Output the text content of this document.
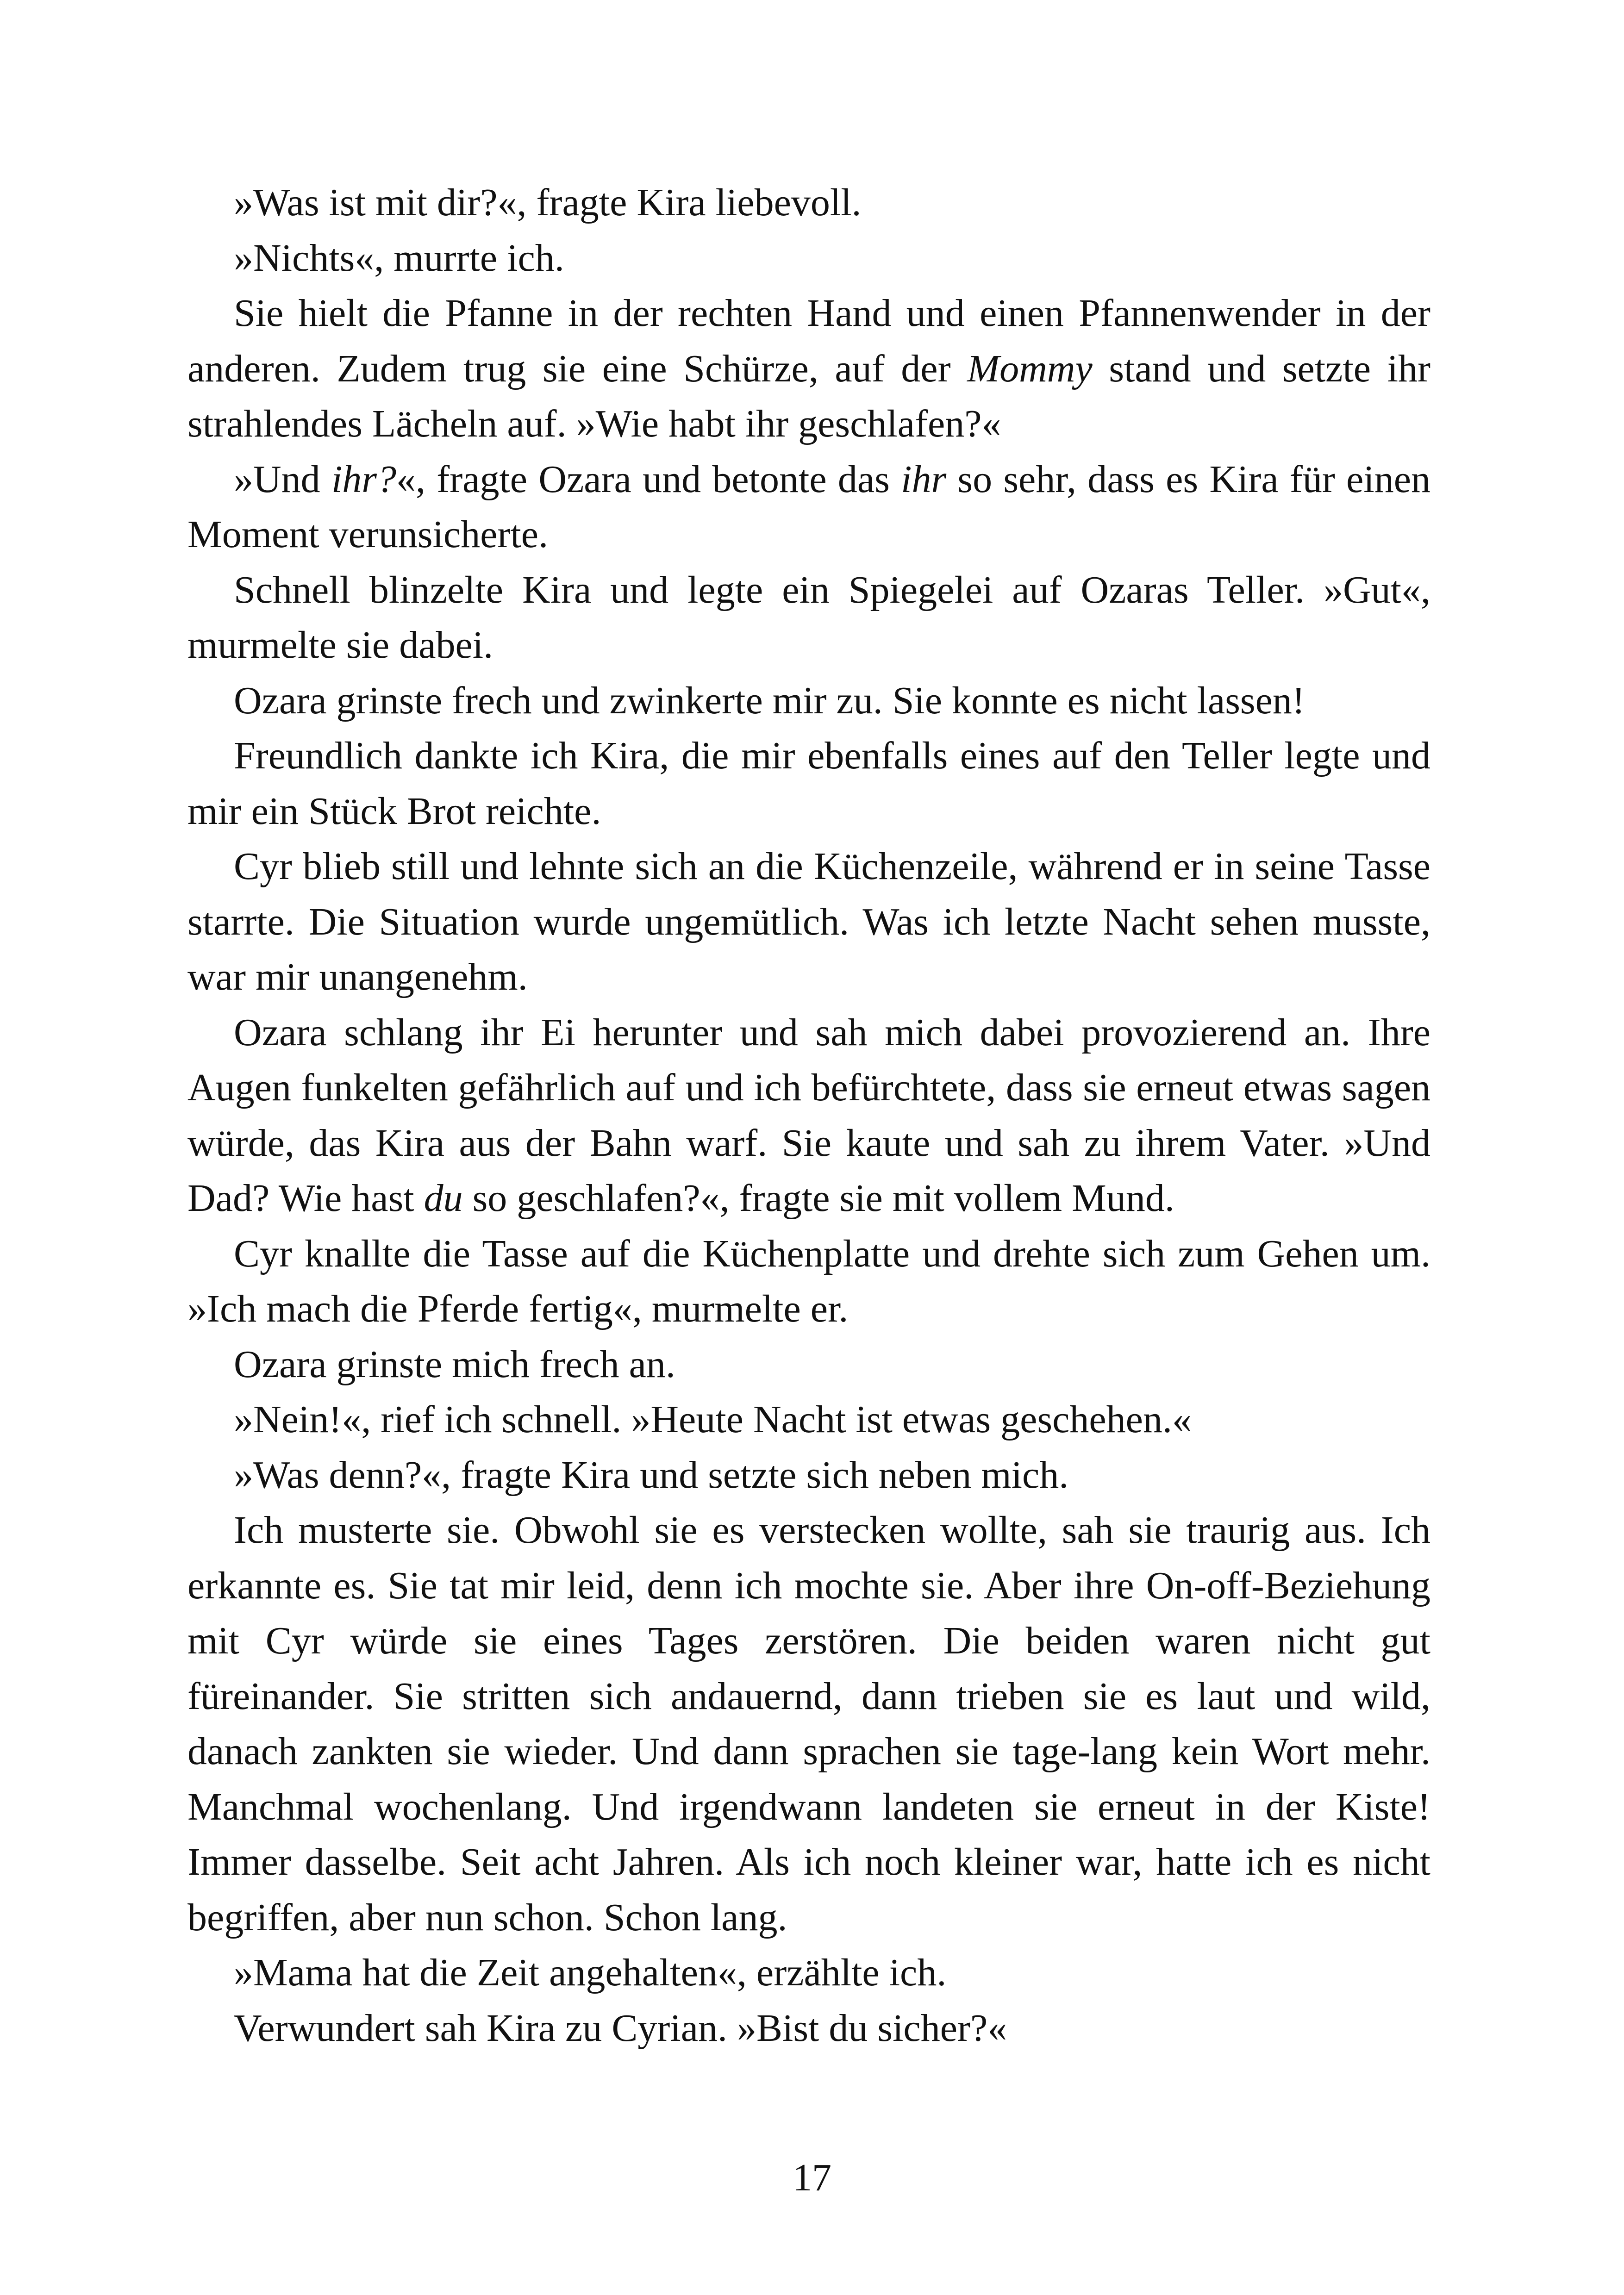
»Was ist mit dir?«, fragte Kira liebevoll.

»Nichts«, murrte ich.

Sie hielt die Pfanne in der rechten Hand und einen Pfannenwender in der anderen. Zudem trug sie eine Schürze, auf der Mommy stand und setzte ihr strahlendes Lächeln auf. »Wie habt ihr geschlafen?«

»Und ihr?«, fragte Ozara und betonte das ihr so sehr, dass es Kira für einen Moment verunsicherte.

Schnell blinzelte Kira und legte ein Spiegelei auf Ozaras Teller. »Gut«, murmelte sie dabei.

Ozara grinste frech und zwinkerte mir zu. Sie konnte es nicht lassen!

Freundlich dankte ich Kira, die mir ebenfalls eines auf den Teller legte und mir ein Stück Brot reichte.

Cyr blieb still und lehnte sich an die Küchenzeile, während er in seine Tasse starrte. Die Situation wurde ungemütlich. Was ich letzte Nacht sehen musste, war mir unangenehm.

Ozara schlang ihr Ei herunter und sah mich dabei provozierend an. Ihre Augen funkelten gefährlich auf und ich befürchtete, dass sie erneut etwas sagen würde, das Kira aus der Bahn warf. Sie kaute und sah zu ihrem Vater. »Und Dad? Wie hast du so geschlafen?«, fragte sie mit vollem Mund.

Cyr knallte die Tasse auf die Küchenplatte und drehte sich zum Gehen um. »Ich mach die Pferde fertig«, murmelte er.

Ozara grinste mich frech an.

»Nein!«, rief ich schnell. »Heute Nacht ist etwas geschehen.«

»Was denn?«, fragte Kira und setzte sich neben mich.

Ich musterte sie. Obwohl sie es verstecken wollte, sah sie traurig aus. Ich erkannte es. Sie tat mir leid, denn ich mochte sie. Aber ihre On-off-Beziehung mit Cyr würde sie eines Tages zerstören. Die beiden waren nicht gut füreinander. Sie stritten sich andauernd, dann trieben sie es laut und wild, danach zankten sie wieder. Und dann sprachen sie tage-lang kein Wort mehr. Manchmal wochenlang. Und irgendwann landeten sie erneut in der Kiste! Immer dasselbe. Seit acht Jahren. Als ich noch kleiner war, hatte ich es nicht begriffen, aber nun schon. Schon lang.

»Mama hat die Zeit angehalten«, erzählte ich.

Verwundert sah Kira zu Cyrian. »Bist du sicher?«

17
